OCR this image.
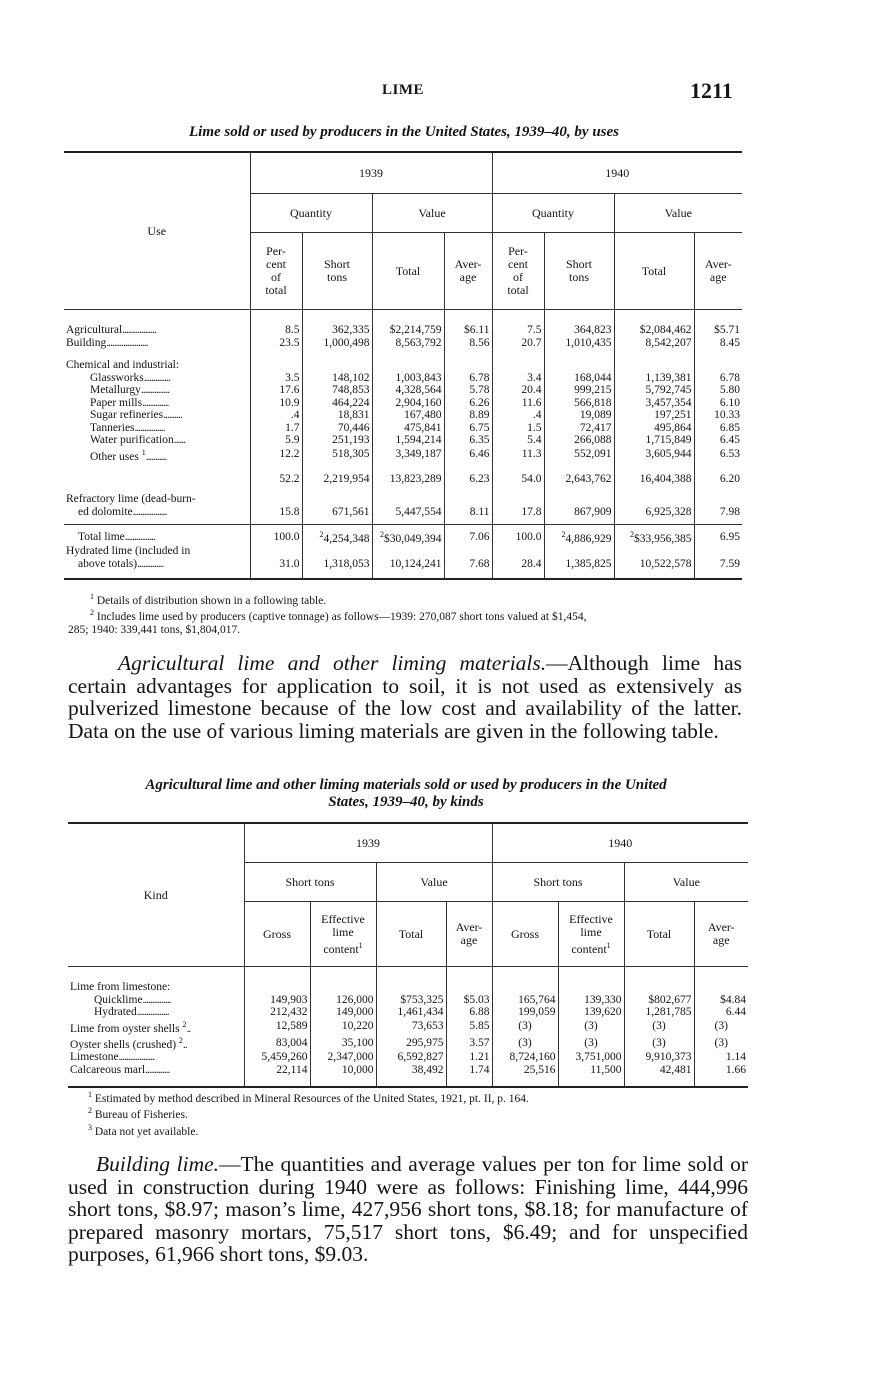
LIME	1211
Lime sold or used by producers in the United States, 1939–40, by uses
Use	1939				1940			
	Quantity		Value		Quantity		Value	
	Per-
cent
of
total	Short
tons	Total	Aver-
age	Per-
cent
of
total	Short
tons	Total	Aver-
age

Agricultural..................	8.5	362,335	$2,214,759	$6.11	7.5	364,823	$2,084,462	$5.71
Building......................	23.5	1,000,498	8,563,792	8.56	20.7	1,010,435	8,542,207	8.45

Chemical and industrial:								
Glassworks..............	3.5	148,102	1,003,843	6.78	3.4	168,044	1,139,381	6.78
Metallurgy...............	17.6	748,853	4,328,564	5.78	20.4	999,215	5,792,745	5.80
Paper mills..............	10.9	464,224	2,904,160	6.26	11.6	566,818	3,457,354	6.10
Sugar refineries..........	.4	18,831	167,480	8.89	.4	19,089	197,251	10.33
Tanneries................	1.7	70,446	475,841	6.75	1.5	72,417	495,864	6.85
Water purification......	5.9	251,193	1,594,214	6.35	5.4	266,088	1,715,849	6.45
Other uses $^1$...........	12.2	518,305	3,349,187	6.46	11.3	552,091	3,605,944	6.53

	52.2	2,219,954	13,823,289	6.23	54.0	2,643,762	16,404,388	6.20

Refractory lime (dead-burn-								
ed dolomite..................	15.8	671,561	5,447,554	8.11	17.8	867,909	6,925,328	7.98

Total lime................	100.0	$^2$4,254,348	$^2$\$30,049,394	7.06	100.0	$^2$4,886,929	$^2$\$33,956,385	6.95
Hydrated lime (included in								
above totals)..............	31.0	1,318,053	10,124,241	7.68	28.4	1,385,825	10,522,578	7.59
$^1$ Details of distribution shown in a following table.
$^2$ Includes lime used by producers (captive tonnage) as follows—1939: 270,087 short tons valued at $1,454,
285; 1940: 339,441 tons, $1,804,017.
Agricultural lime and other liming materials.—Although lime has certain advantages for application to soil, it is not used as extensively as pulverized limestone because of the low cost and availability of the latter. Data on the use of various liming materials are given in the following table.
Agricultural lime and other liming materials sold or used by producers in the United
States, 1939–40, by kinds
Kind	1939				1940			
	Short tons		Value		Short tons		Value	
	Gross	Effective
lime
content$^1$	Total	Aver-
age	Gross	Effective
lime
content$^1$	Total	Aver-
age

Lime from limestone:								
Quicklime...............	149,903	126,000	$753,325	$5.03	165,764	139,330	$802,677	$4.84
Hydrated.................	212,432	149,000	1,461,434	6.88	199,059	139,620	1,281,785	6.44
Lime from oyster shells $^2$..	12,589	10,220	73,653	5.85	(3)	(3)	(3)	(3)
Oyster shells (crushed) $^2$..	83,004	35,100	295,975	3.57	(3)	(3)	(3)	(3)
Limestone...................	5,459,260	2,347,000	6,592,827	1.21	8,724,160	3,751,000	9,910,373	1.14
Calcareous marl.............	22,114	10,000	38,492	1.74	25,516	11,500	42,481	1.66
$^1$ Estimated by method described in Mineral Resources of the United States, 1921, pt. II, p. 164.
$^2$ Bureau of Fisheries.
$^3$ Data not yet available.
Building lime.—The quantities and average values per ton for lime sold or used in construction during 1940 were as follows: Finishing lime, 444,996 short tons, $8.97; mason’s lime, 427,956 short tons, $8.18; for manufacture of prepared masonry mortars, 75,517 short tons, $6.49; and for unspecified purposes, 61,966 short tons, $9.03.
